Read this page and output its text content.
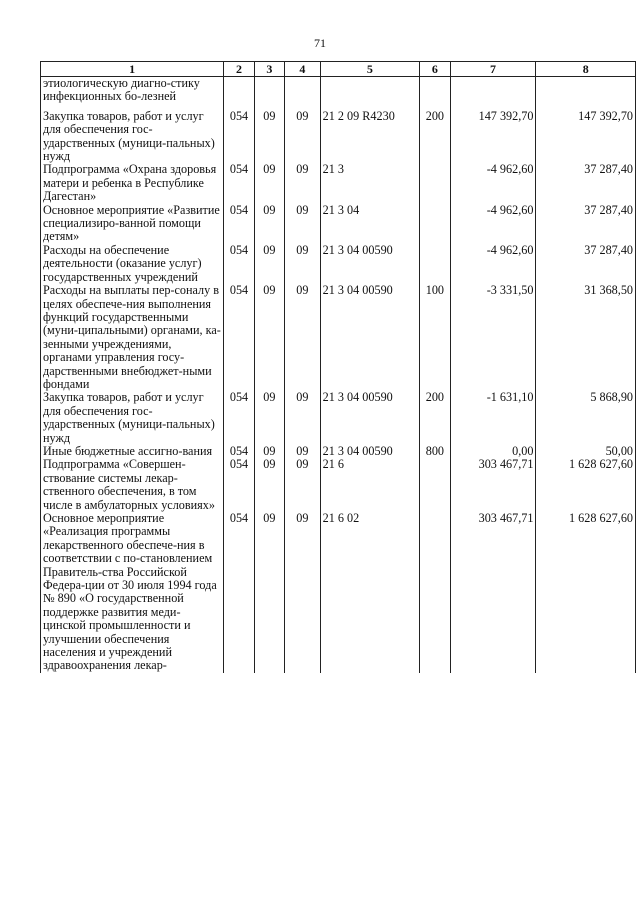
71
1	2	3	4	5	6	7	8
этиологическую диагно-стику инфекционных бо-лезней							
Закупка товаров, работ и услуг для обеспечения гос-ударственных (муници-пальных) нужд	054	09	09	21 2 09 R4230	200	147 392,70	147 392,70
Подпрограмма «Охрана здоровья матери и ребенка в Республике Дагестан»	054	09	09	21 3		-4 962,60	37 287,40
Основное мероприятие «Развитие специализиро-ванной помощи детям»	054	09	09	21 3 04		-4 962,60	37 287,40
Расходы на обеспечение деятельности (оказание услуг) государственных учреждений	054	09	09	21 3 04 00590		-4 962,60	37 287,40
Расходы на выплаты пер-соналу в целях обеспече-ния выполнения функций государственными (муни-ципальными) органами, ка-зенными учреждениями, органами управления госу-дарственными внебюджет-ными фондами	054	09	09	21 3 04 00590	100	-3 331,50	31 368,50
Закупка товаров, работ и услуг для обеспечения гос-ударственных (муници-пальных) нужд	054	09	09	21 3 04 00590	200	-1 631,10	5 868,90
Иные бюджетные ассигно-вания	054	09	09	21 3 04 00590	800	0,00	50,00
Подпрограмма «Совершен-ствование системы лекар-ственного обеспечения, в том числе в амбулаторных условиях»	054	09	09	21 6		303 467,71	1 628 627,60
Основное мероприятие «Реализация программы лекарственного обеспече-ния в соответствии с по-становлением Правитель-ства Российской Федера-ции от 30 июля 1994 года № 890 «О государственной поддержке развития меди-цинской промышленности и улучшении обеспечения населения и учреждений здравоохранения лекар-	054	09	09	21 6 02		303 467,71	1 628 627,60
